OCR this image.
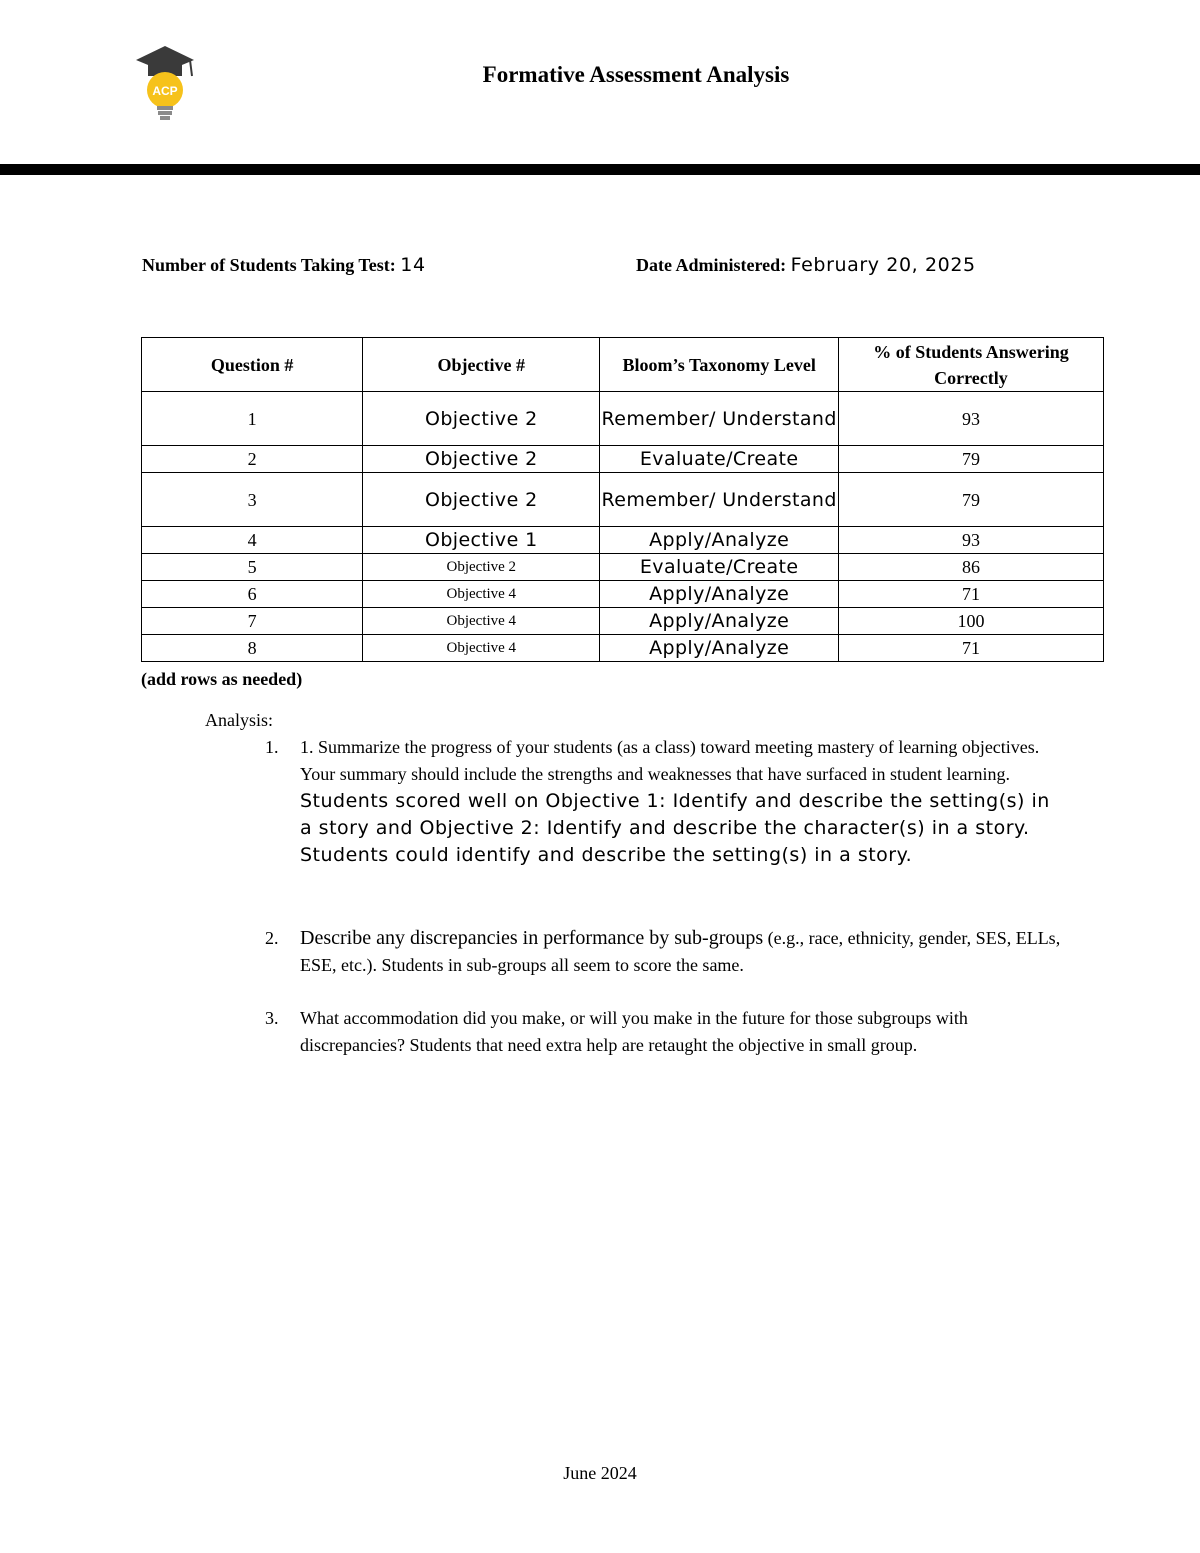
ACP
Formative Assessment Analysis
Number of Students Taking Test: 14	Date Administered: February 20, 2025
Question #	Objective #	Bloom’s Taxonomy Level	% of Students Answering Correctly
1	Objective 2	Remember/ Understand	93
2	Objective 2	Evaluate/Create	79
3	Objective 2	Remember/ Understand	79
4	Objective 1	Apply/Analyze	93
5	Objective 2	Evaluate/Create	86
6	Objective 4	Apply/Analyze	71
7	Objective 4	Apply/Analyze	100
8	Objective 4	Apply/Analyze	71
(add rows as needed)
Analysis:
1. 1. Summarize the progress of your students (as a class) toward meeting mastery of learning objectives. Your summary should include the strengths and weaknesses that have surfaced in student learning. Students scored well on Objective 1: Identify and describe the setting(s) in a story and Objective 2: Identify and describe the character(s) in a story. Students could identify and describe the setting(s) in a story.
2. Describe any discrepancies in performance by sub-groups (e.g., race, ethnicity, gender, SES, ELLs, ESE, etc.). Students in sub-groups all seem to score the same.
3. What accommodation did you make, or will you make in the future for those subgroups with discrepancies? Students that need extra help are retaught the objective in small group.
June 2024
